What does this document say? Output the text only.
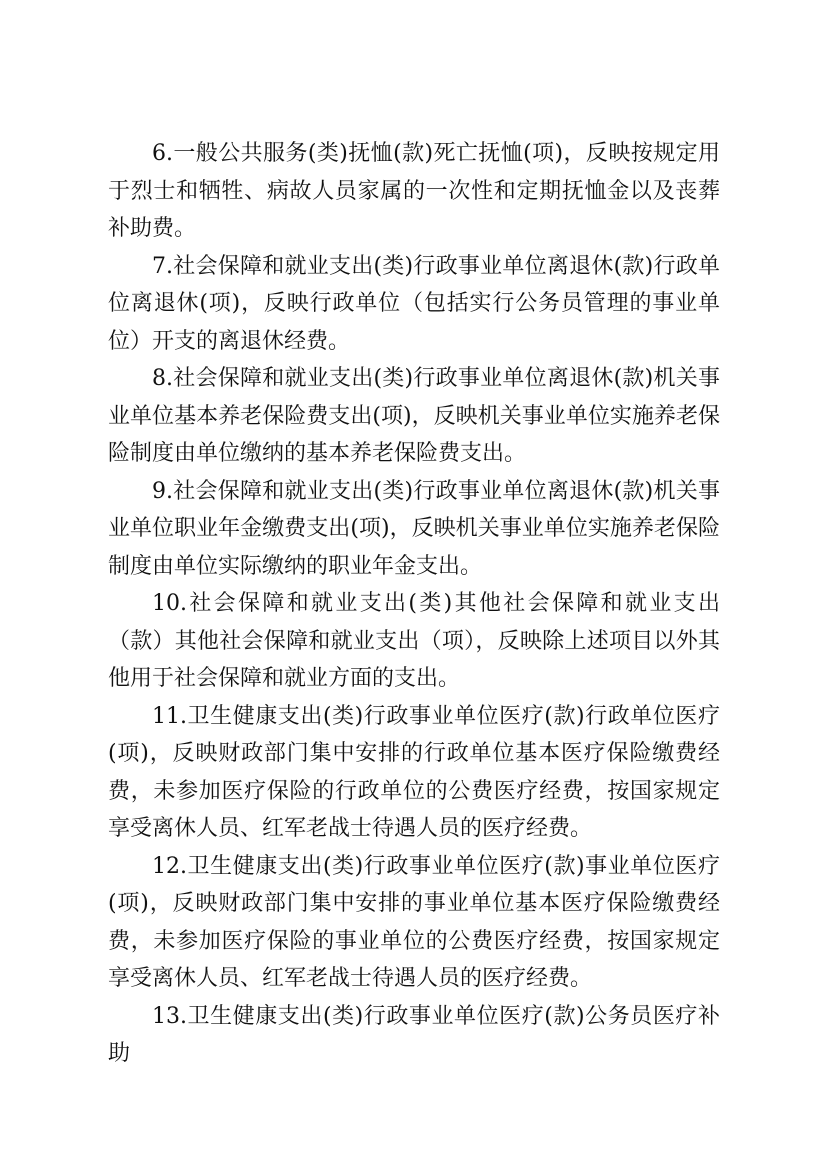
6.一般公共服务(类)抚恤(款)死亡抚恤(项)，反映按规定用于烈士和牺牲、病故人员家属的一次性和定期抚恤金以及丧葬补助费。

7.社会保障和就业支出(类)行政事业单位离退休(款)行政单位离退休(项)，反映行政单位（包括实行公务员管理的事业单位）开支的离退休经费。

8.社会保障和就业支出(类)行政事业单位离退休(款)机关事业单位基本养老保险费支出(项)，反映机关事业单位实施养老保险制度由单位缴纳的基本养老保险费支出。

9.社会保障和就业支出(类)行政事业单位离退休(款)机关事业单位职业年金缴费支出(项)，反映机关事业单位实施养老保险制度由单位实际缴纳的职业年金支出。

10.社会保障和就业支出(类)其他社会保障和就业支出（款）其他社会保障和就业支出（项），反映除上述项目以外其他用于社会保障和就业方面的支出。

11.卫生健康支出(类)行政事业单位医疗(款)行政单位医疗(项)，反映财政部门集中安排的行政单位基本医疗保险缴费经费，未参加医疗保险的行政单位的公费医疗经费，按国家规定享受离休人员、红军老战士待遇人员的医疗经费。

12.卫生健康支出(类)行政事业单位医疗(款)事业单位医疗(项)，反映财政部门集中安排的事业单位基本医疗保险缴费经费，未参加医疗保险的事业单位的公费医疗经费，按国家规定享受离休人员、红军老战士待遇人员的医疗经费。

13.卫生健康支出(类)行政事业单位医疗(款)公务员医疗补助
